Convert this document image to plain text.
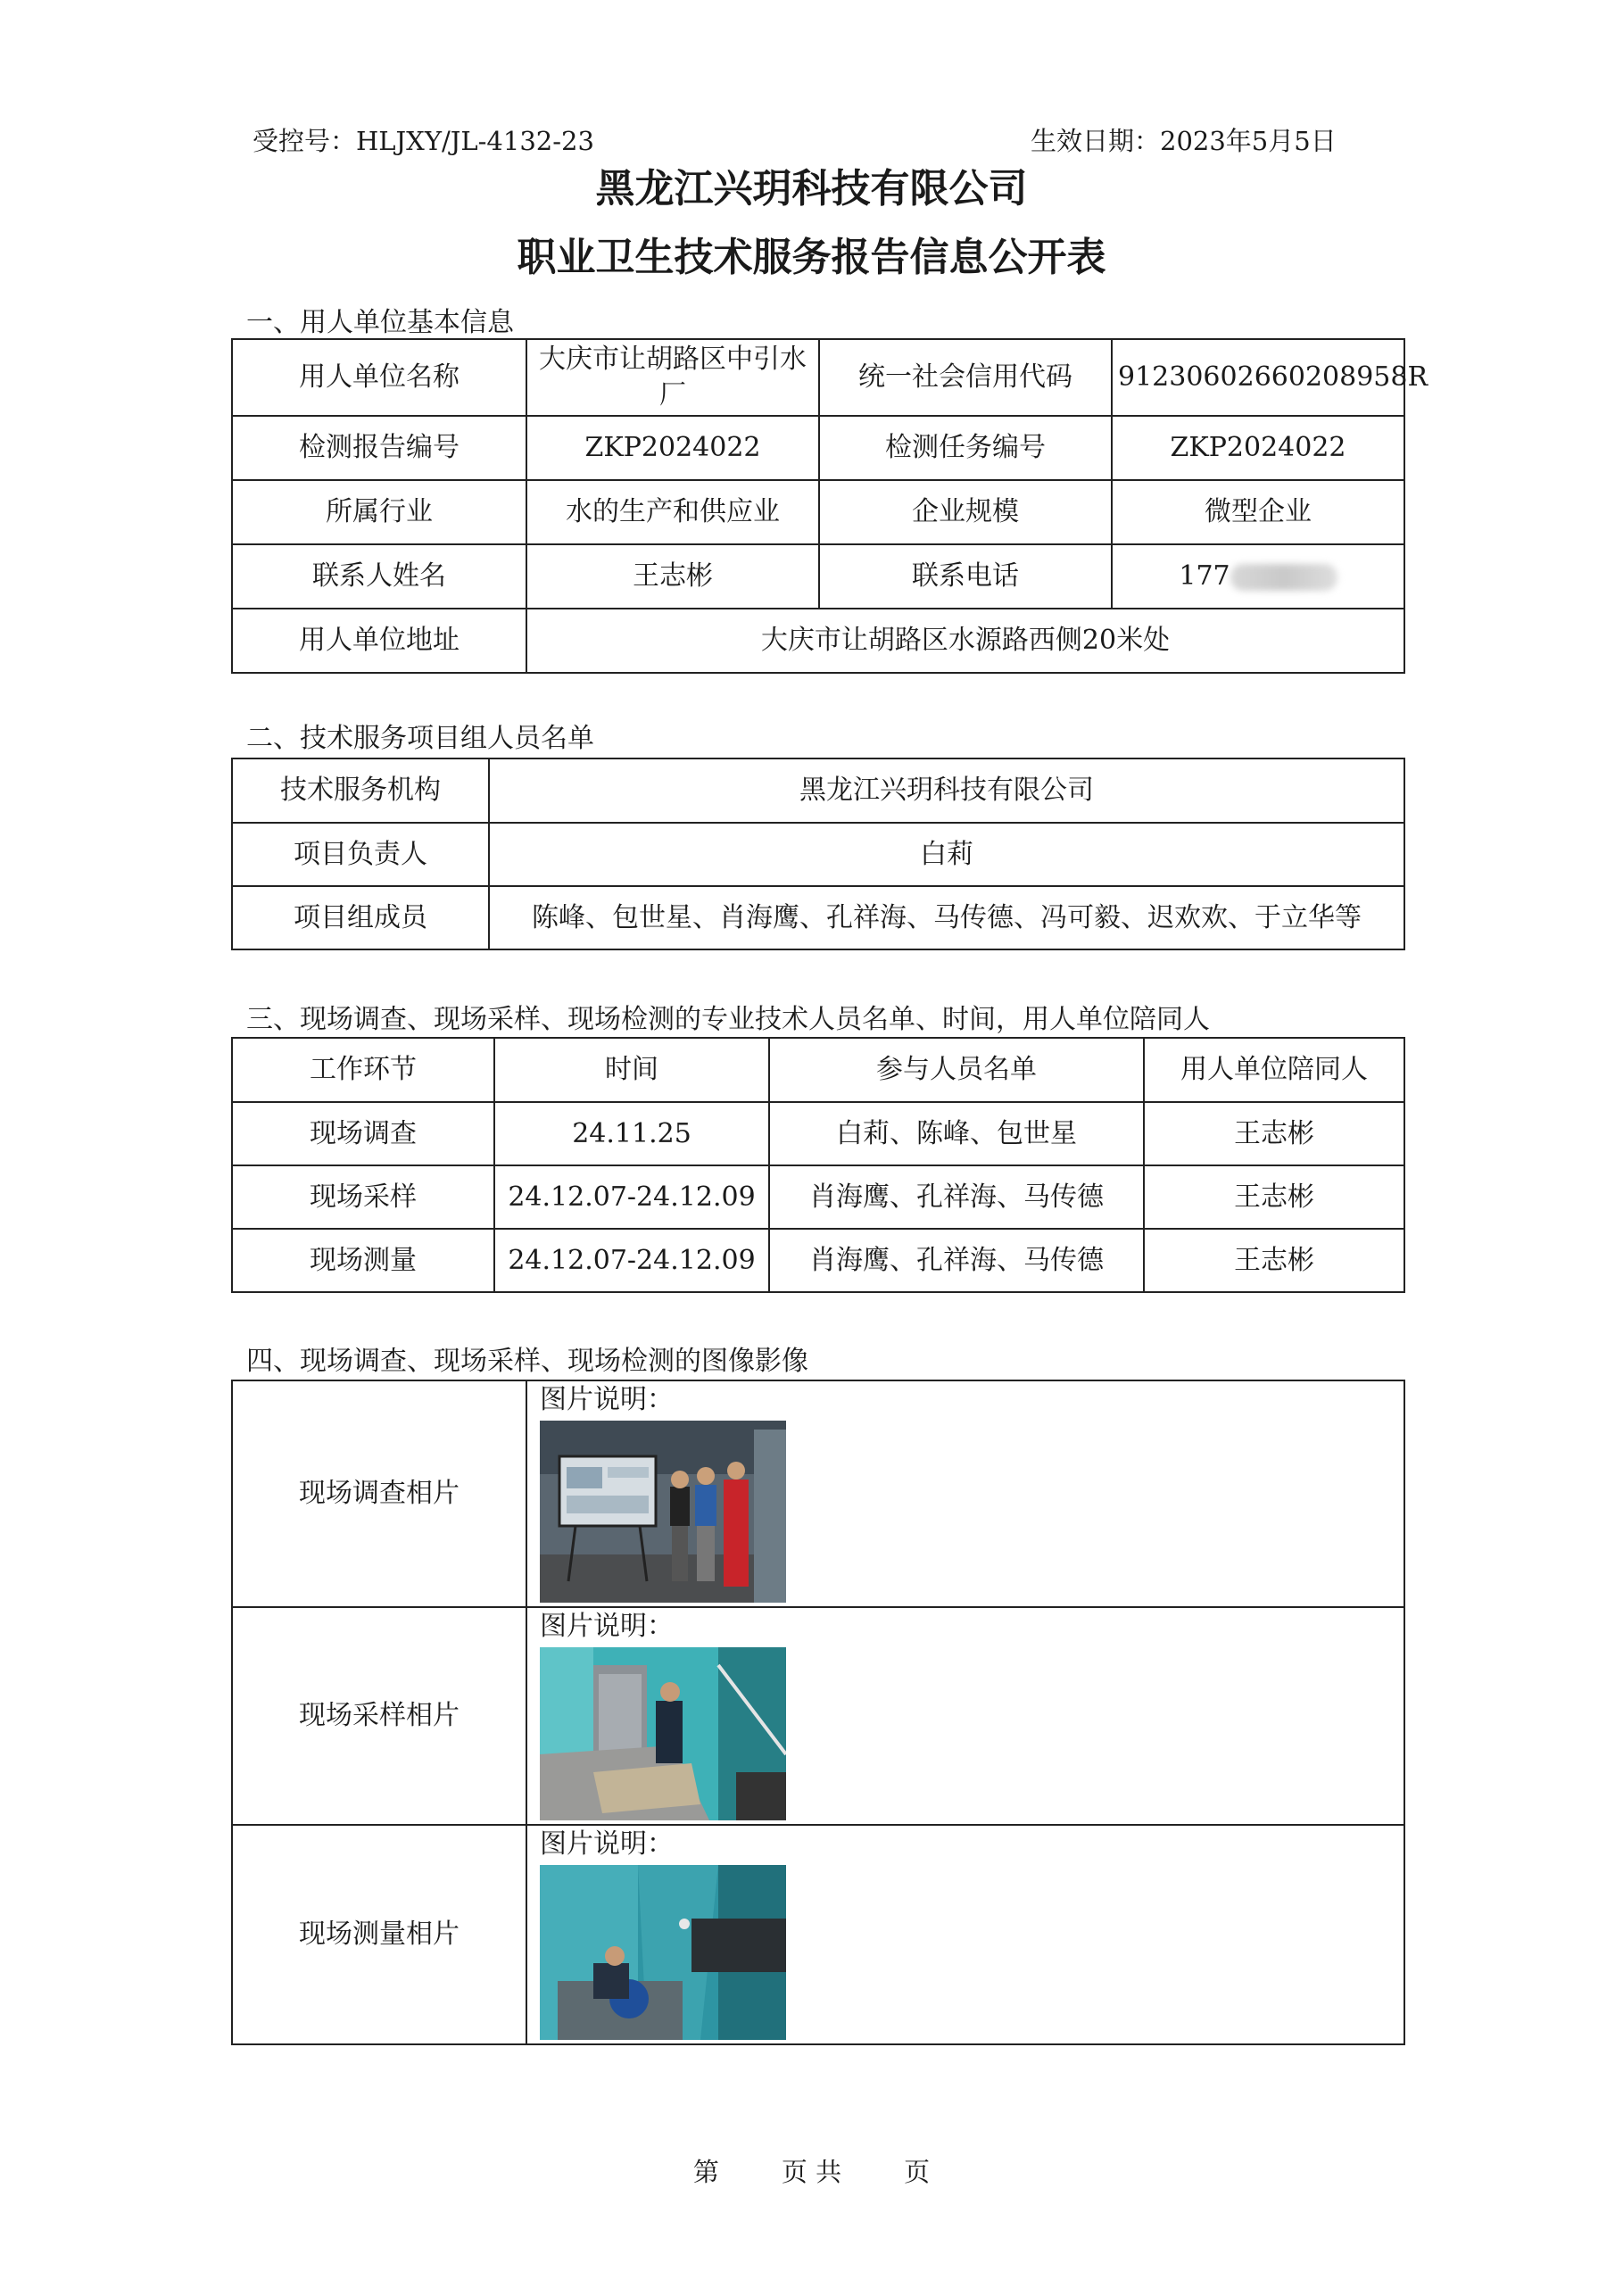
受控号：HLJXY/JL-4132-23	生效日期：2023年5月5日
黑龙江兴玥科技有限公司
职业卫生技术服务报告信息公开表
一、用人单位基本信息
用人单位名称	大庆市让胡路区中引水厂	统一社会信用代码	91230602660208958R
检测报告编号	ZKP2024022	检测任务编号	ZKP2024022
所属行业	水的生产和供应业	企业规模	微型企业
联系人姓名	王志彬	联系电话	177
用人单位地址	大庆市让胡路区水源路西侧20米处		
二、技术服务项目组人员名单
技术服务机构	黑龙江兴玥科技有限公司
项目负责人	白莉
项目组成员	陈峰、包世星、肖海鹰、孔祥海、马传德、冯可毅、迟欢欢、于立华等
三、现场调查、现场采样、现场检测的专业技术人员名单、时间，用人单位陪同人
工作环节	时间	参与人员名单	用人单位陪同人
现场调查	24.11.25	白莉、陈峰、包世星	王志彬
现场采样	24.12.07-24.12.09	肖海鹰、孔祥海、马传德	王志彬
现场测量	24.12.07-24.12.09	肖海鹰、孔祥海、马传德	王志彬
四、现场调查、现场采样、现场检测的图像影像
现场调查相片	图片说明：

现场采样相片	图片说明：

现场测量相片	图片说明：
第 页 共 页
